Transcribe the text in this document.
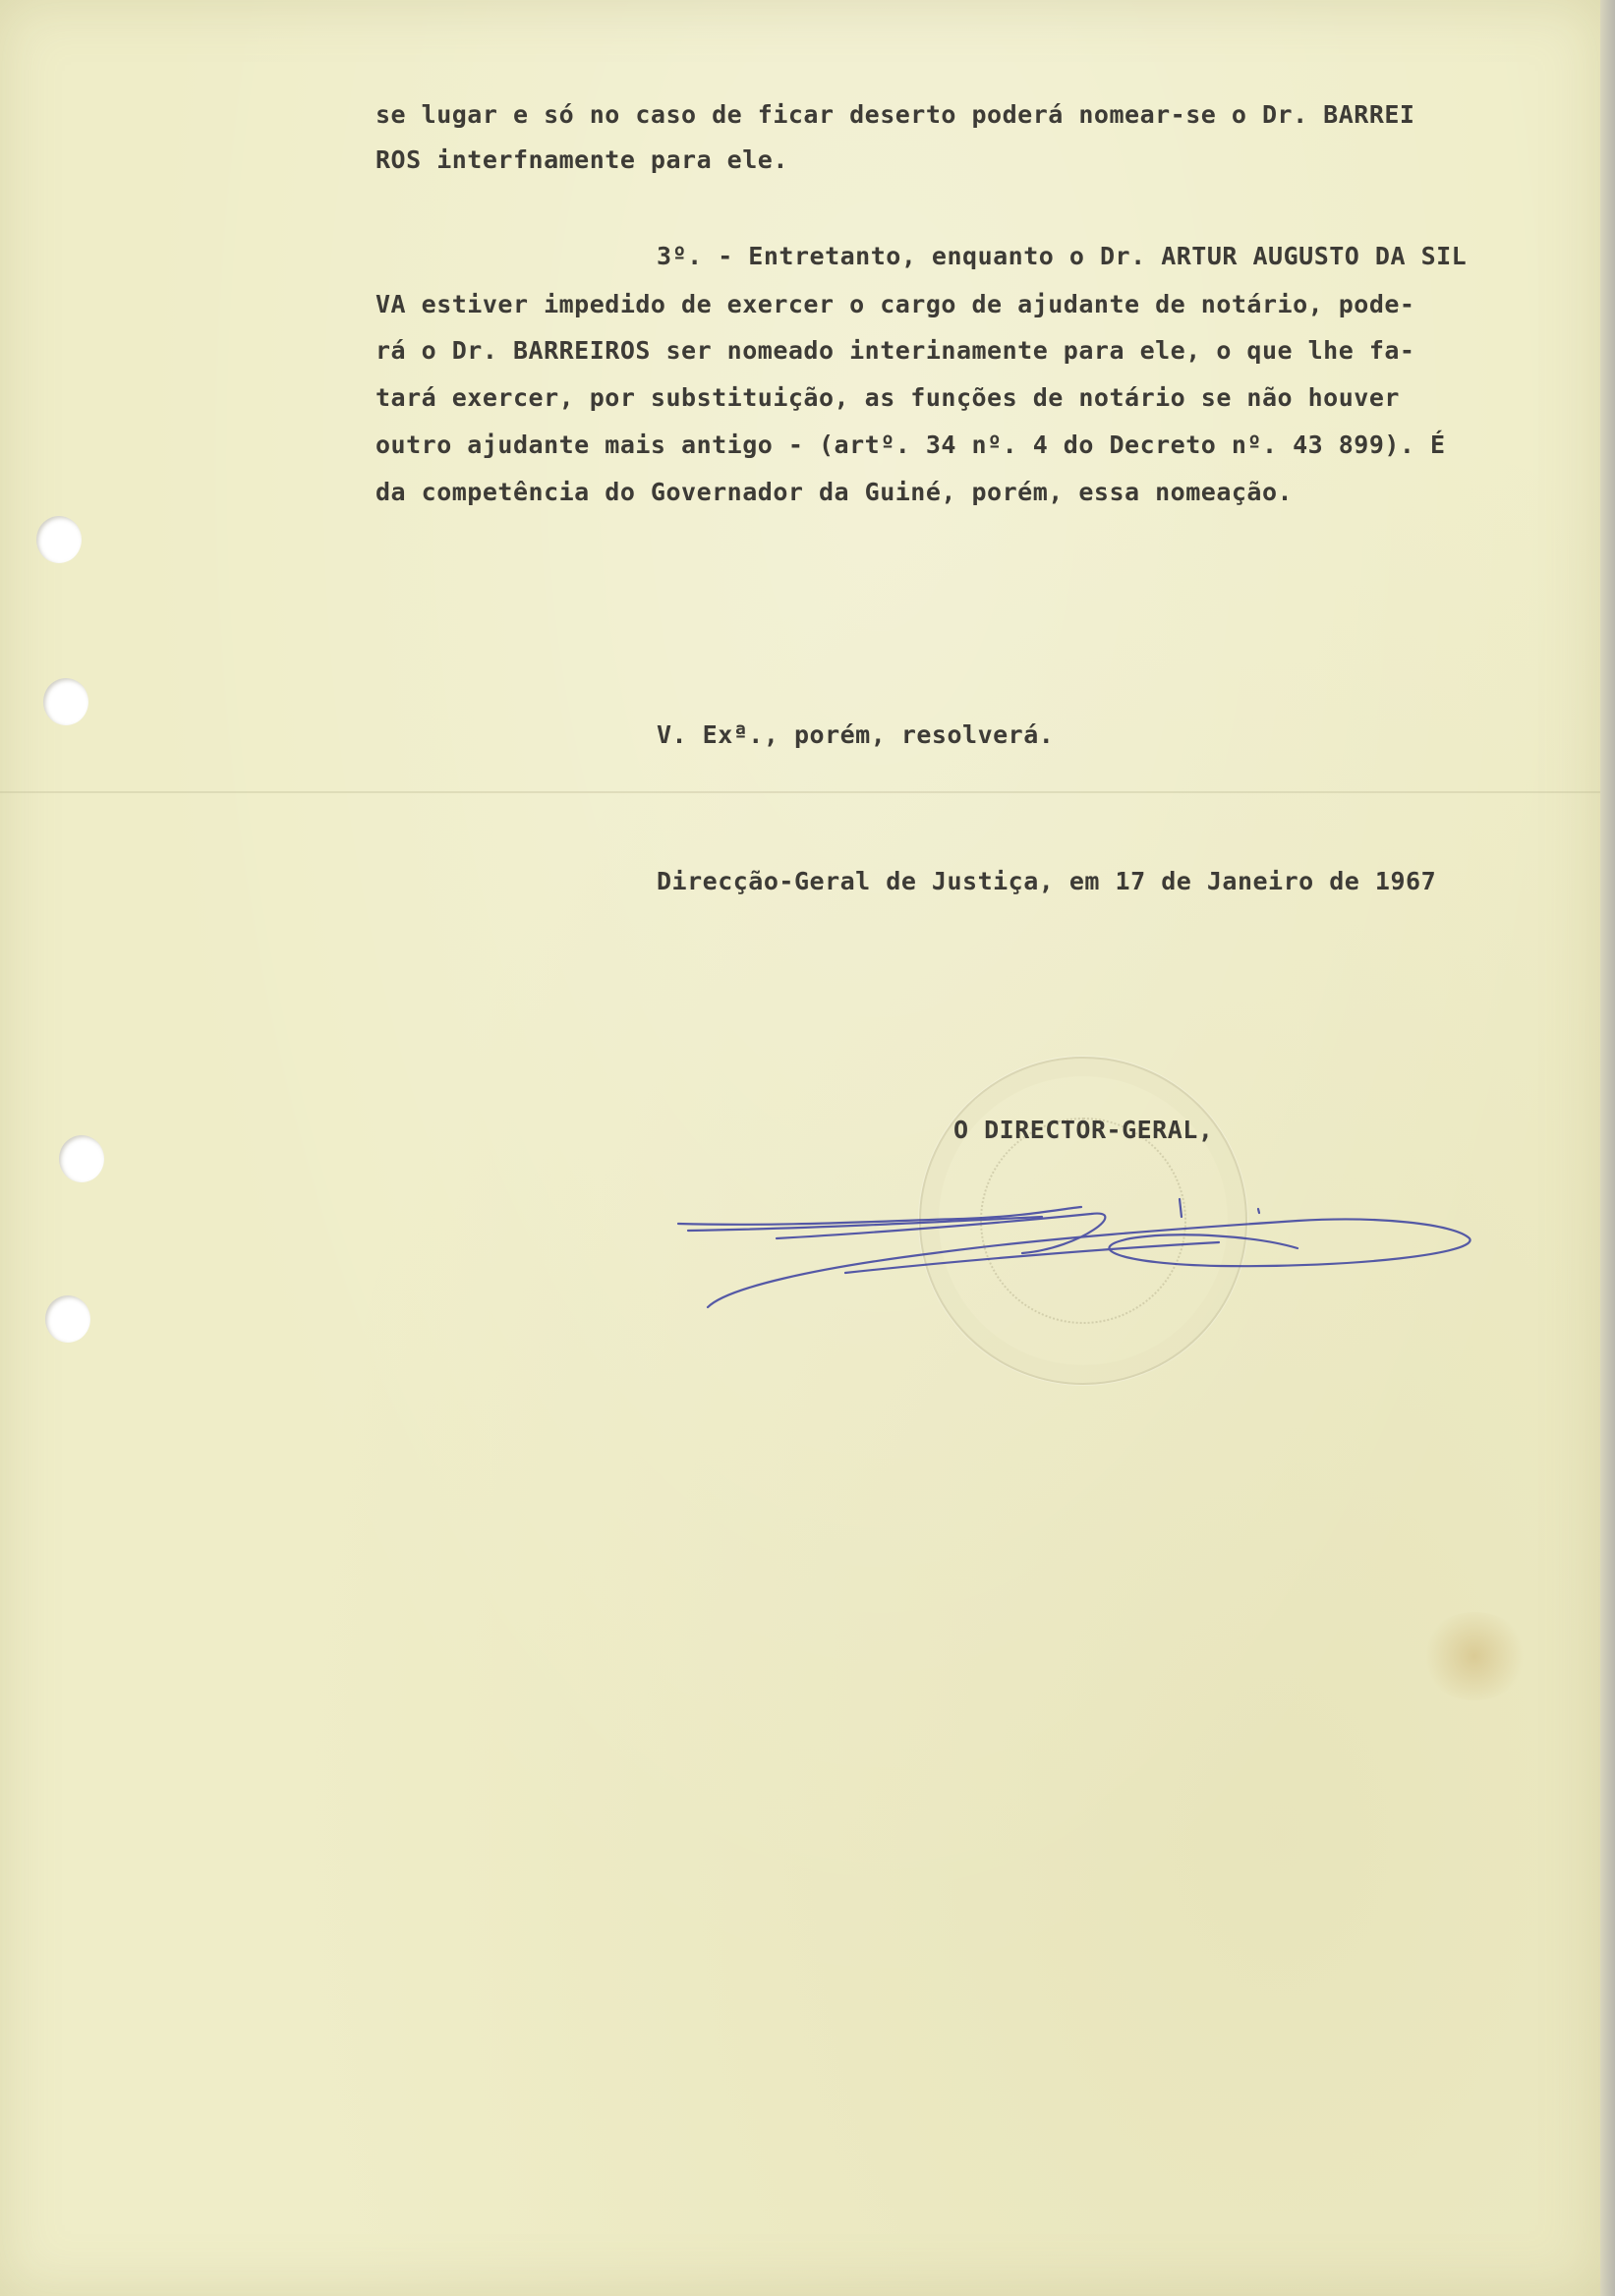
se lugar e só no caso de ficar deserto poderá nomear-se o Dr. BARREI
ROS interfnamente para ele.
3º. - Entretanto, enquanto o Dr. ARTUR AUGUSTO DA SIL
VA estiver impedido de exercer o cargo de ajudante de notário, pode-
rá o Dr. BARREIROS ser nomeado interinamente para ele, o que lhe fa-
tará exercer, por substituição, as funções de notário se não houver
outro ajudante mais antigo - (artº. 34 nº. 4 do Decreto nº. 43 899). É
da competência do Governador da Guiné, porém, essa nomeação.
V. Exª., porém, resolverá.
Direcção-Geral de Justiça, em 17 de Janeiro de 1967
O DIRECTOR-GERAL,
